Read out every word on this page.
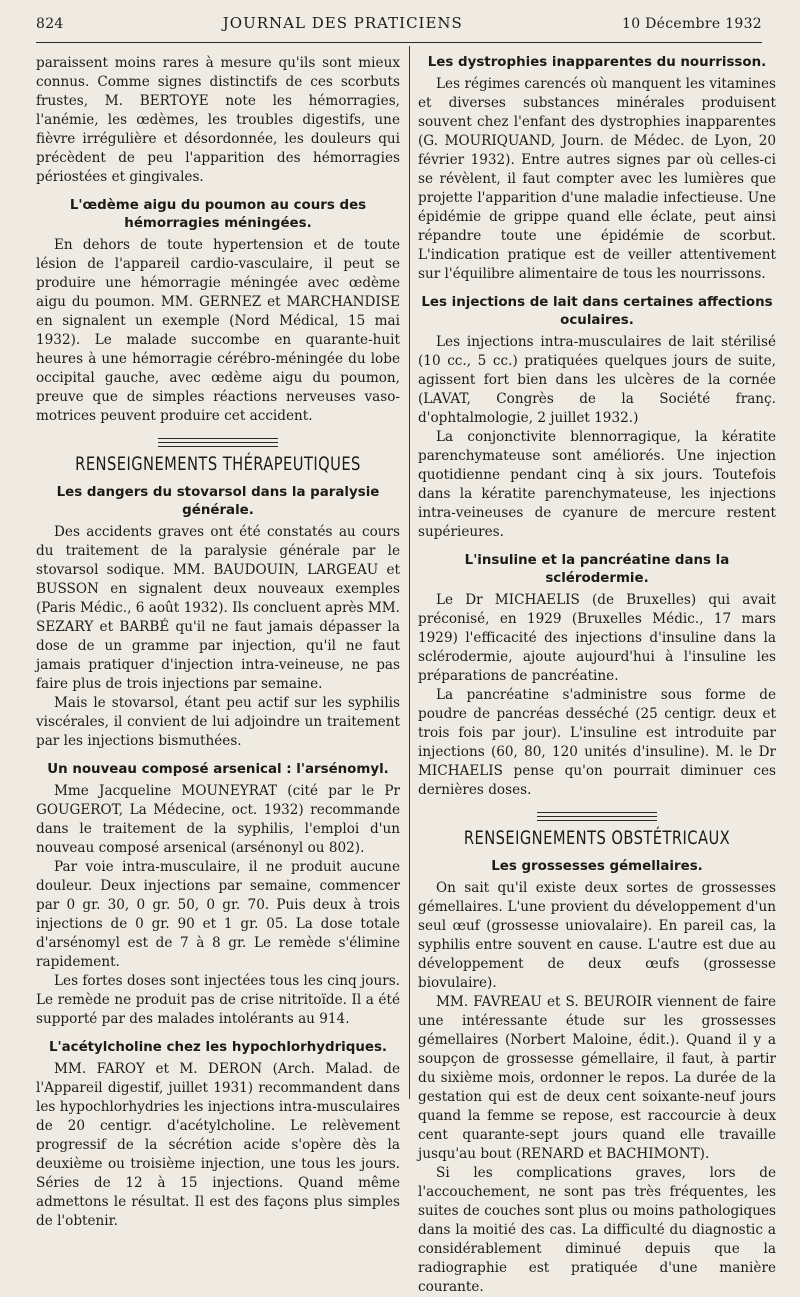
824	JOURNAL DES PRATICIENS	10 Décembre 1932

paraissent moins rares à mesure qu'ils sont mieux connus. Comme signes distinctifs de ces scorbuts frustes, M. BERTOYE note les hémorragies, l'anémie, les œdèmes, les troubles digestifs, une fièvre irrégulière et désordonnée, les douleurs qui précèdent de peu l'apparition des hémorragies périostées et gingivales.

L'œdème aigu du poumon au cours des hémorragies méningées.

En dehors de toute hypertension et de toute lésion de l'appareil cardio-vasculaire, il peut se produire une hémorragie méningée avec œdème aigu du poumon. MM. GERNEZ et MARCHANDISE en signalent un exemple (Nord Médical, 15 mai 1932). Le malade succombe en quarante-huit heures à une hémorragie cérébro-méningée du lobe occipital gauche, avec œdème aigu du poumon, preuve que de simples réactions nerveuses vaso-motrices peuvent produire cet accident.

RENSEIGNEMENTS THÉRAPEUTIQUES
Les dangers du stovarsol dans la paralysie générale.

Des accidents graves ont été constatés au cours du traitement de la paralysie générale par le stovarsol sodique. MM. BAUDOUIN, LARGEAU et BUSSON en signalent deux nouveaux exemples (Paris Médic., 6 août 1932). Ils concluent après MM. SEZARY et BARBÉ qu'il ne faut jamais dépasser la dose de un gramme par injection, qu'il ne faut jamais pratiquer d'injection intra-veineuse, ne pas faire plus de trois injections par semaine.

Mais le stovarsol, étant peu actif sur les syphilis viscérales, il convient de lui adjoindre un traitement par les injections bismuthées.

Un nouveau composé arsenical : l'arsénomyl.

Mme Jacqueline MOUNEYRAT (cité par le Pr GOUGEROT, La Médecine, oct. 1932) recommande dans le traitement de la syphilis, l'emploi d'un nouveau composé arsenical (arsénonyl ou 802).

Par voie intra-musculaire, il ne produit aucune douleur. Deux injections par semaine, commencer par 0 gr. 30, 0 gr. 50, 0 gr. 70. Puis deux à trois injections de 0 gr. 90 et 1 gr. 05. La dose totale d'arsénomyl est de 7 à 8 gr. Le remède s'élimine rapidement.

Les fortes doses sont injectées tous les cinq jours. Le remède ne produit pas de crise nitritoïde. Il a été supporté par des malades intolérants au 914.

L'acétylcholine chez les hypochlorhydriques.

MM. FAROY et M. DERON (Arch. Malad. de l'Appareil digestif, juillet 1931) recommandent dans les hypochlorhydries les injections intra-musculaires de 20 centigr. d'acétylcholine. Le relèvement progressif de la sécrétion acide s'opère dès la deuxième ou troisième injection, une tous les jours. Séries de 12 à 15 injections. Quand même admettons le résultat. Il est des façons plus simples de l'obtenir.

Les dystrophies inapparentes du nourrisson.

Les régimes carencés où manquent les vitamines et diverses substances minérales produisent souvent chez l'enfant des dystrophies inapparentes (G. MOURIQUAND, Journ. de Médec. de Lyon, 20 février 1932). Entre autres signes par où celles-ci se révèlent, il faut compter avec les lumières que projette l'apparition d'une maladie infectieuse. Une épidémie de grippe quand elle éclate, peut ainsi répandre toute une épidémie de scorbut. L'indication pratique est de veiller attentivement sur l'équilibre alimentaire de tous les nourrissons.

Les injections de lait dans certaines affections oculaires.

Les injections intra-musculaires de lait stérilisé (10 cc., 5 cc.) pratiquées quelques jours de suite, agissent fort bien dans les ulcères de la cornée (LAVAT, Congrès de la Société franç. d'ophtalmologie, 2 juillet 1932.)

La conjonctivite blennorragique, la kératite parenchymateuse sont améliorés. Une injection quotidienne pendant cinq à six jours. Toutefois dans la kératite parenchymateuse, les injections intra-veineuses de cyanure de mercure restent supérieures.

L'insuline et la pancréatine dans la sclérodermie.

Le Dr MICHAELIS (de Bruxelles) qui avait préconisé, en 1929 (Bruxelles Médic., 17 mars 1929) l'efficacité des injections d'insuline dans la sclérodermie, ajoute aujourd'hui à l'insuline les préparations de pancréatine.

La pancréatine s'administre sous forme de poudre de pancréas desséché (25 centigr. deux et trois fois par jour). L'insuline est introduite par injections (60, 80, 120 unités d'insuline). M. le Dr MICHAELIS pense qu'on pourrait diminuer ces dernières doses.

RENSEIGNEMENTS OBSTÉTRICAUX
Les grossesses gémellaires.

On sait qu'il existe deux sortes de grossesses gémellaires. L'une provient du développement d'un seul œuf (grossesse uniovalaire). En pareil cas, la syphilis entre souvent en cause. L'autre est due au développement de deux œufs (grossesse biovulaire).

MM. FAVREAU et S. BEUROIR viennent de faire une intéressante étude sur les grossesses gémellaires (Norbert Maloine, édit.). Quand il y a soupçon de grossesse gémellaire, il faut, à partir du sixième mois, ordonner le repos. La durée de la gestation qui est de deux cent soixante-neuf jours quand la femme se repose, est raccourcie à deux cent quarante-sept jours quand elle travaille jusqu'au bout (RENARD et BACHIMONT).

Si les complications graves, lors de l'accouchement, ne sont pas très fréquentes, les suites de couches sont plus ou moins pathologiques dans la moitié des cas. La difficulté du diagnostic a considérablement diminué depuis que la radiographie est pratiquée d'une manière courante.
